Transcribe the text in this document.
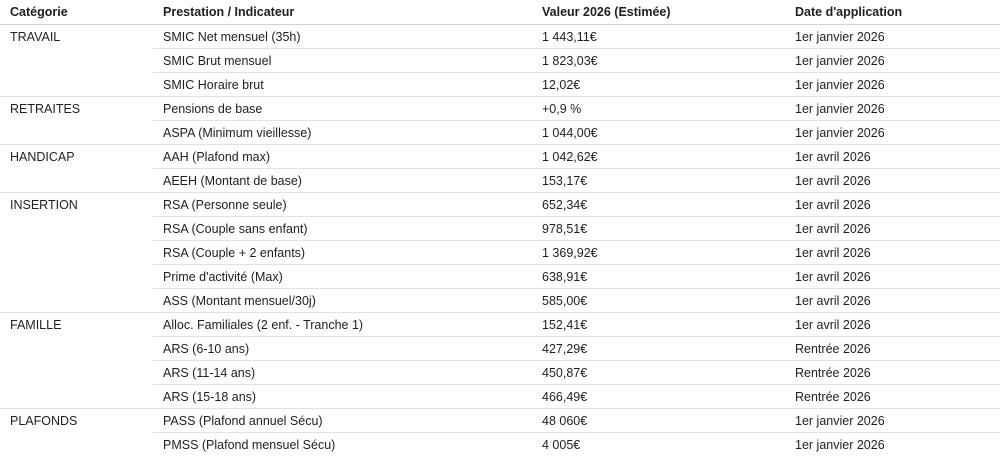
Catégorie	Prestation / Indicateur	Valeur 2026 (Estimée)	Date d'application
TRAVAIL	SMIC Net mensuel (35h)	1 443,11€	1er janvier 2026
	SMIC Brut mensuel	1 823,03€	1er janvier 2026
	SMIC Horaire brut	12,02€	1er janvier 2026
RETRAITES	Pensions de base	+0,9 %	1er janvier 2026
	ASPA (Minimum vieillesse)	1 044,00€	1er janvier 2026
HANDICAP	AAH (Plafond max)	1 042,62€	1er avril 2026
	AEEH (Montant de base)	153,17€	1er avril 2026
INSERTION	RSA (Personne seule)	652,34€	1er avril 2026
	RSA (Couple sans enfant)	978,51€	1er avril 2026
	RSA (Couple + 2 enfants)	1 369,92€	1er avril 2026
	Prime d'activité (Max)	638,91€	1er avril 2026
	ASS (Montant mensuel/30j)	585,00€	1er avril 2026
FAMILLE	Alloc. Familiales (2 enf. - Tranche 1)	152,41€	1er avril 2026
	ARS (6-10 ans)	427,29€	Rentrée 2026
	ARS (11-14 ans)	450,87€	Rentrée 2026
	ARS (15-18 ans)	466,49€	Rentrée 2026
PLAFONDS	PASS (Plafond annuel Sécu)	48 060€	1er janvier 2026
	PMSS (Plafond mensuel Sécu)	4 005€	1er janvier 2026
